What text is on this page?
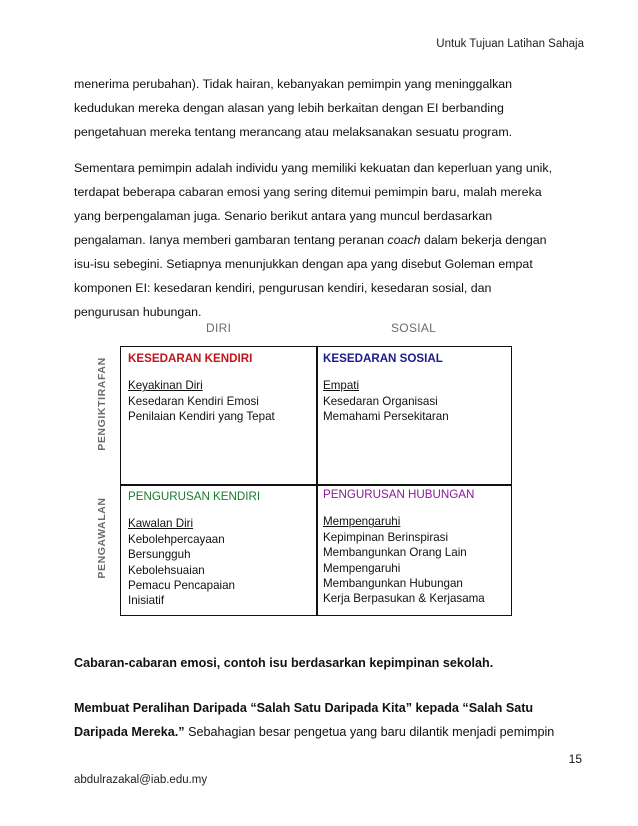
Untuk Tujuan Latihan Sahaja
menerima perubahan). Tidak hairan, kebanyakan pemimpin yang meninggalkan
kedudukan mereka dengan alasan yang lebih berkaitan dengan EI berbanding
pengetahuan mereka tentang merancang atau melaksanakan sesuatu program.
Sementara pemimpin adalah individu yang memiliki kekuatan dan keperluan yang unik,
terdapat beberapa cabaran emosi yang sering ditemui pemimpin baru, malah mereka
yang berpengalaman juga. Senario berikut antara yang muncul berdasarkan
pengalaman. Ianya memberi gambaran tentang peranan coach dalam bekerja dengan
isu-isu sebegini. Setiapnya menunjukkan dengan apa yang disebut Goleman empat
komponen EI: kesedaran kendiri, pengurusan kendiri, kesedaran sosial, dan
pengurusan hubungan.
DIRI	SOSIAL
PENGIKTIRAFAN
PENGAWALAN
KESEDARAN KENDIRI
Keyakinan Diri
Kesedaran Kendiri Emosi
Penilaian Kendiri yang Tepat
KESEDARAN SOSIAL
Empati
Kesedaran Organisasi
Memahami Persekitaran
PENGURUSAN KENDIRI
Kawalan Diri
Kebolehpercayaan
Bersungguh
Kebolehsuaian
Pemacu Pencapaian
Inisiatif
PENGURUSAN HUBUNGAN
Mempengaruhi
Kepimpinan Berinspirasi
Membangunkan Orang Lain
Mempengaruhi
Membangunkan Hubungan
Kerja Berpasukan & Kerjasama
Cabaran-cabaran emosi, contoh isu berdasarkan kepimpinan sekolah.
Membuat Peralihan Daripada “Salah Satu Daripada Kita” kepada “Salah Satu
Daripada Mereka.” Sebahagian besar pengetua yang baru dilantik menjadi pemimpin
15
abdulrazakal@iab.edu.my
